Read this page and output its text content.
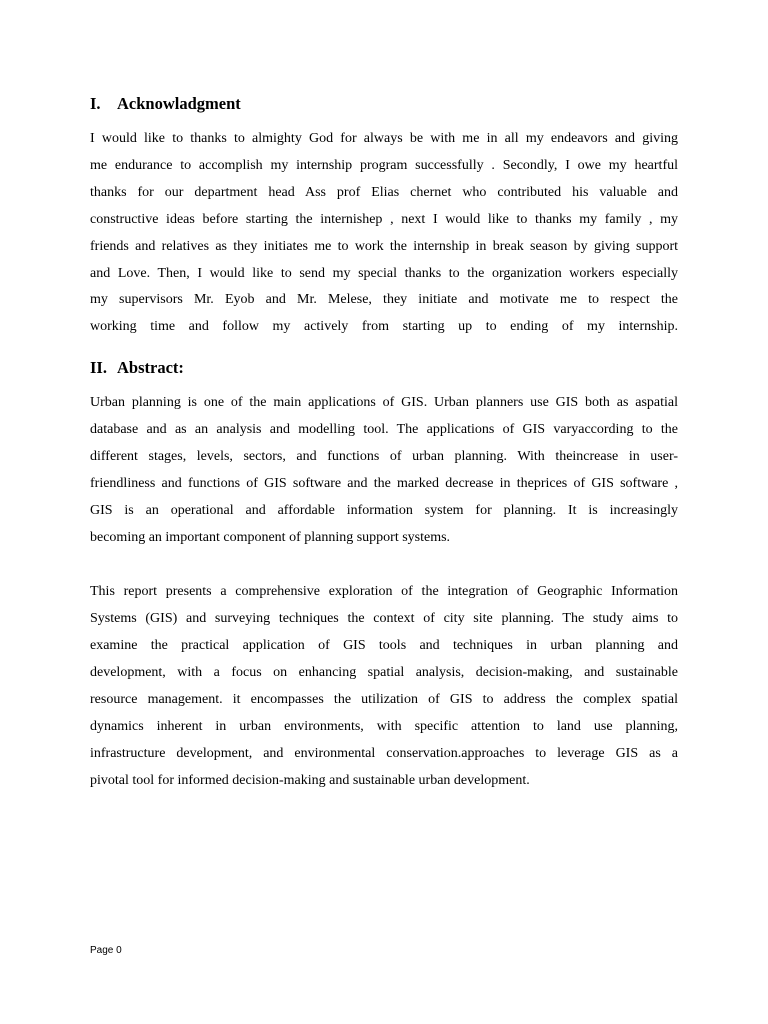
I. Acknowladgment
I would like to thanks to almighty God for always be with me in all my endeavors and giving
me endurance to accomplish my internship program successfully . Secondly, I owe my heartful
thanks for our department head Ass prof Elias chernet who contributed his valuable and
constructive ideas before starting the internishep , next I would like to thanks my family , my
friends and relatives as they initiates me to work the internship in break season by giving support
and Love. Then, I would like to send my special thanks to the organization workers especially
my supervisors Mr. Eyob and Mr. Melese, they initiate and motivate me to respect the
working time and follow my actively from starting up to ending of my internship.
II. Abstract:
Urban planning is one of the main applications of GIS. Urban planners use GIS both as aspatial
database and as an analysis and modelling tool. The applications of GIS varyaccording to the
different stages, levels, sectors, and functions of urban planning. With theincrease in user-
friendliness and functions of GIS software and the marked decrease in theprices of GIS software ,
GIS is an operational and affordable information system for planning. It is increasingly
becoming an important component of planning support systems.
This report presents a comprehensive exploration of the integration of Geographic Information
Systems (GIS) and surveying techniques the context of city site planning. The study aims to
examine the practical application of GIS tools and techniques in urban planning and
development, with a focus on enhancing spatial analysis, decision-making, and sustainable
resource management. it encompasses the utilization of GIS to address the complex spatial
dynamics inherent in urban environments, with specific attention to land use planning,
infrastructure development, and environmental conservation.approaches to leverage GIS as a
pivotal tool for informed decision-making and sustainable urban development.
Page 0
